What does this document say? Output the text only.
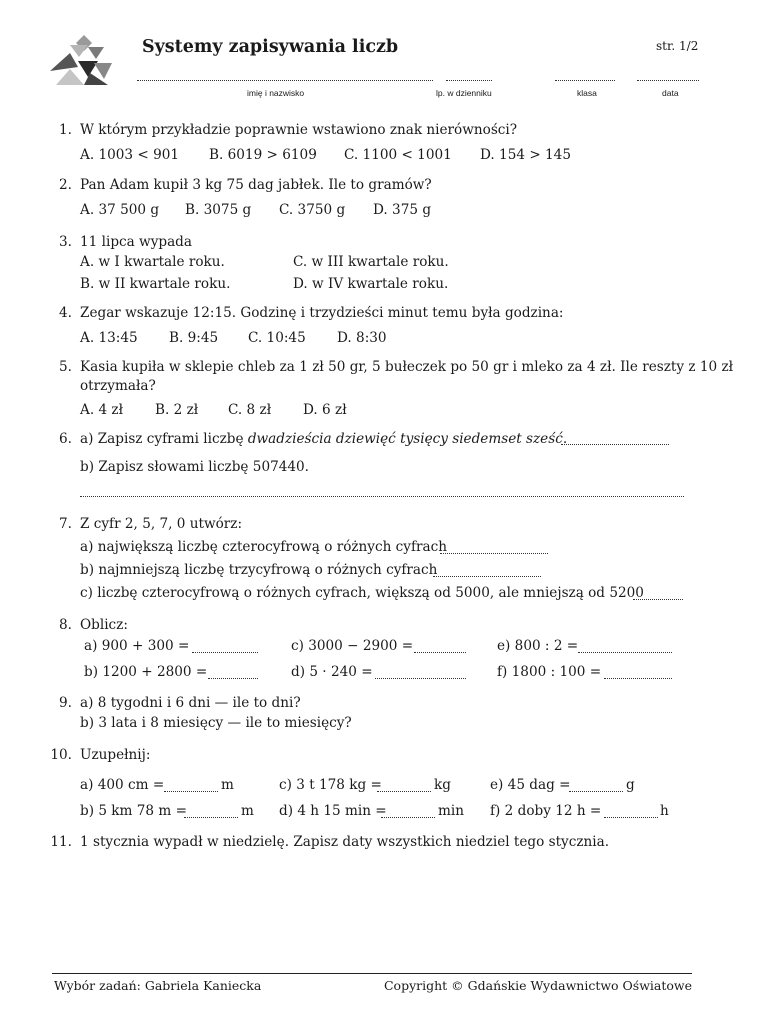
Systemy zapisywania liczb	str. 1/2
imię i nazwisko	lp. w dzienniku	klasa	data
1. W którym przykładzie poprawnie wstawiono znak nierówności?
A. 1003 < 901 B. 6019 > 6109 C. 1100 < 1001 D. 154 > 145
2. Pan Adam kupił 3 kg 75 dag jabłek. Ile to gramów?
A. 37 500 g B. 3075 g C. 3750 g D. 375 g
3. 11 lipca wypada
A. w I kwartale roku.	C. w III kwartale roku.
B. w II kwartale roku.	D. w IV kwartale roku.
4. Zegar wskazuje 12:15. Godzinę i trzydzieści minut temu była godzina:
A. 13:45 B. 9:45 C. 10:45 D. 8:30
5. Kasia kupiła w sklepie chleb za 1 zł 50 gr, 5 bułeczek po 50 gr i mleko za 4 zł. Ile reszty z 10 zł
otrzymała?
A. 4 zł B. 2 zł C. 8 zł D. 6 zł
6. a) Zapisz cyframi liczbę dwadzieścia dziewięć tysięcy siedemset sześć.
b) Zapisz słowami liczbę 507440.
7. Z cyfr 2, 5, 7, 0 utwórz:
a) największą liczbę czterocyfrową o różnych cyfrach
b) najmniejszą liczbę trzycyfrową o różnych cyfrach
c) liczbę czterocyfrową o różnych cyfrach, większą od 5000, ale mniejszą od 5200
8. Oblicz:
a) 900 + 300 =	c) 3000 − 2900 =	e) 800 : 2 =
b) 1200 + 2800 =	d) 5 · 240 =	f) 1800 : 100 =
9. a) 8 tygodni i 6 dni — ile to dni?
b) 3 lata i 8 miesięcy — ile to miesięcy?
10. Uzupełnij:
a) 400 cm =	m	c) 3 t 178 kg =	kg	e) 45 dag =	g
b) 5 km 78 m =	m d) 4 h 15 min =	min f) 2 doby 12 h =	h
11. 1 stycznia wypadł w niedzielę. Zapisz daty wszystkich niedziel tego stycznia.
Wybór zadań: Gabriela Kaniecka	Copyright © Gdańskie Wydawnictwo Oświatowe
